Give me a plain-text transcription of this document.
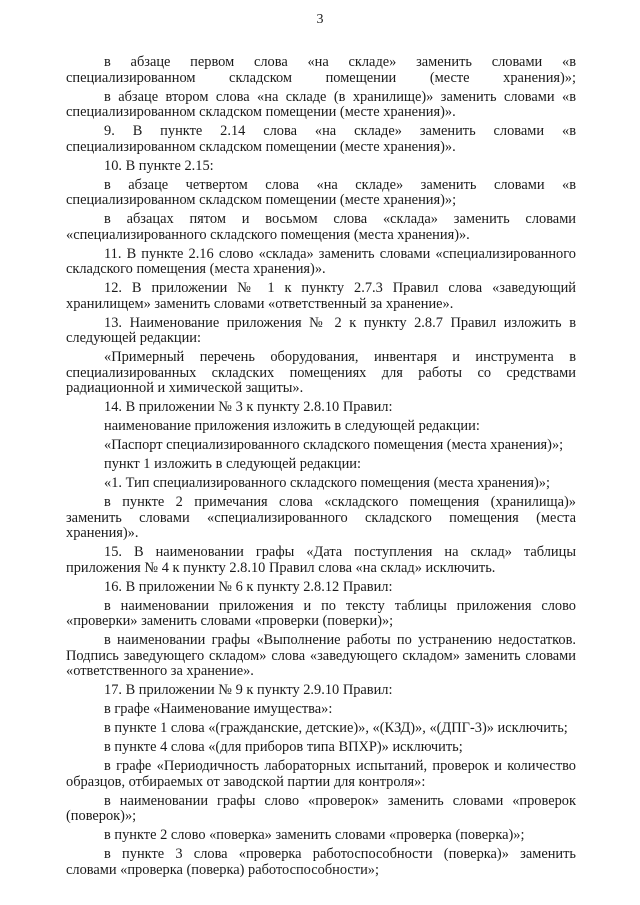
3

в абзаце первом слова «на складе» заменить словами «в специализированном складском помещении (месте хранения)»;

в абзаце втором слова «на складе (в хранилище)» заменить словами «в специализированном складском помещении (месте хранения)».

9. В пункте 2.14 слова «на складе» заменить словами «в специализированном складском помещении (месте хранения)».

10. В пункте 2.15:

в абзаце четвертом слова «на складе» заменить словами «в специализированном складском помещении (месте хранения)»;

в абзацах пятом и восьмом слова «склада» заменить словами «специализированного складского помещения (места хранения)».

11. В пункте 2.16 слово «склада» заменить словами «специализированного складского помещения (места хранения)».

12. В приложении № 1 к пункту 2.7.3 Правил слова «заведующий хранилищем» заменить словами «ответственный за хранение».

13. Наименование приложения № 2 к пункту 2.8.7 Правил изложить в следующей редакции:

«Примерный перечень оборудования, инвентаря и инструмента в специализированных складских помещениях для работы со средствами радиационной и химической защиты».

14. В приложении № 3 к пункту 2.8.10 Правил:

наименование приложения изложить в следующей редакции:

«Паспорт специализированного складского помещения (места хранения)»;

пункт 1 изложить в следующей редакции:

«1. Тип специализированного складского помещения (места хранения)»;

в пункте 2 примечания слова «складского помещения (хранилища)» заменить словами «специализированного складского помещения (места хранения)».

15. В наименовании графы «Дата поступления на склад» таблицы приложения № 4 к пункту 2.8.10 Правил слова «на склад» исключить.

16. В приложении № 6 к пункту 2.8.12 Правил:

в наименовании приложения и по тексту таблицы приложения слово «проверки» заменить словами «проверки (поверки)»;

в наименовании графы «Выполнение работы по устранению недостатков. Подпись заведующего складом» слова «заведующего складом» заменить словами «ответственного за хранение».

17. В приложении № 9 к пункту 2.9.10 Правил:

в графе «Наименование имущества»:

в пункте 1 слова «(гражданские, детские)», «(КЗД)», «(ДПГ-3)» исключить;

в пункте 4 слова «(для приборов типа ВПХР)» исключить;

в графе «Периодичность лабораторных испытаний, проверок и количество образцов, отбираемых от заводской партии для контроля»:

в наименовании графы слово «проверок» заменить словами «проверок (поверок)»;

в пункте 2 слово «поверка» заменить словами «проверка (поверка)»;

в пункте 3 слова «проверка работоспособности (поверка)» заменить словами «проверка (поверка) работоспособности»;
